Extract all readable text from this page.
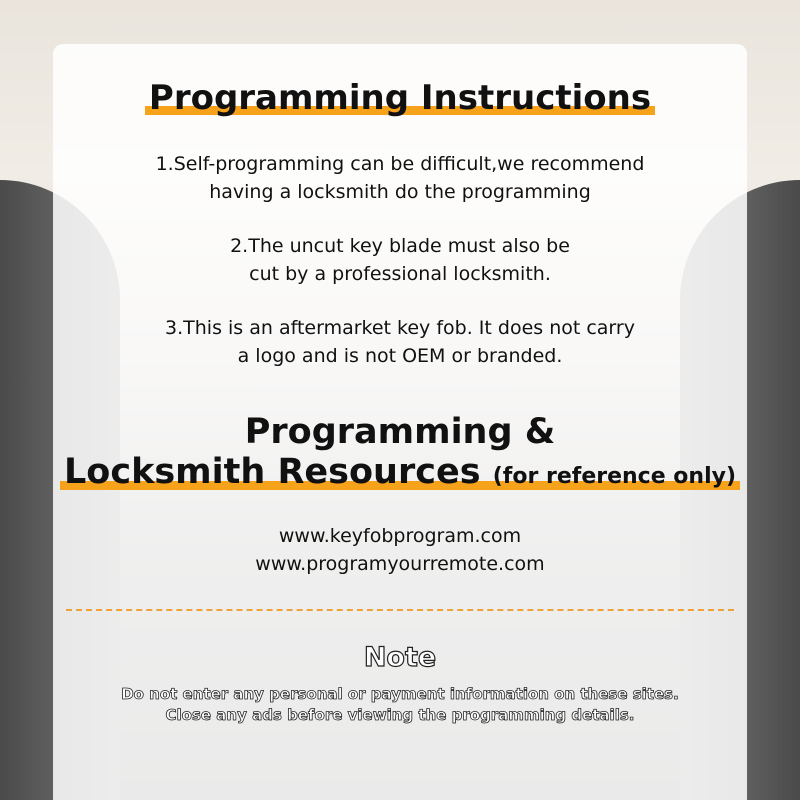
Programming Instructions
1.Self-programming can be difficult,we recommend
having a locksmith do the programming
2.The uncut key blade must also be
cut by a professional locksmith.
3.This is an aftermarket key fob. It does not carry
a logo and is not OEM or branded.
Programming &
Locksmith Resources (for reference only)
www.keyfobprogram.com
www.programyourremote.com
Note
Do not enter any personal or payment information on these sites.
Close any ads before viewing the programming details.
